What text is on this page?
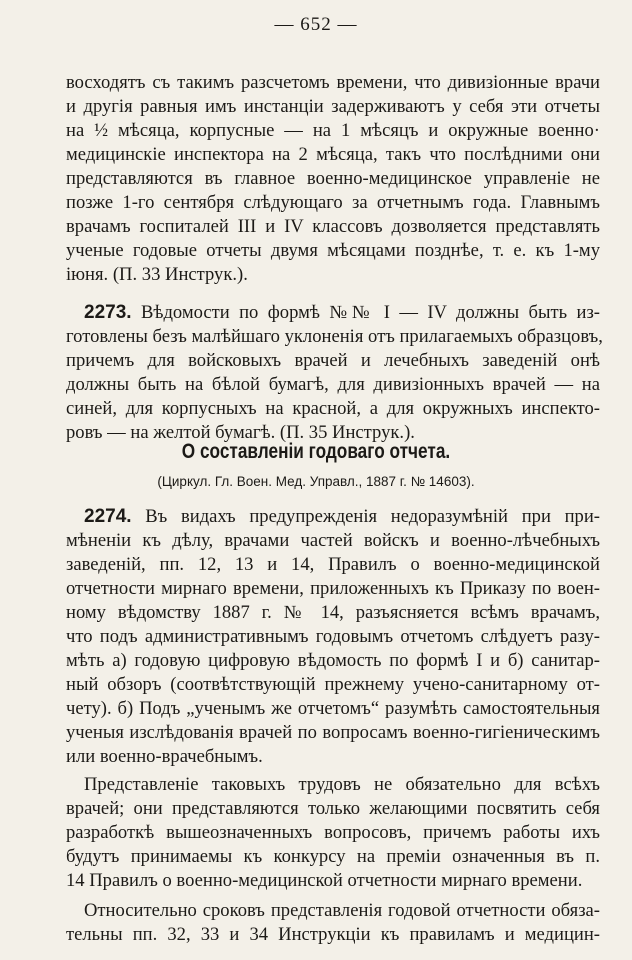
— 652 —
восходятъ съ такимъ разсчетомъ времени, что дивизіонные врачи
и другія равныя имъ инстанціи задерживаютъ у себя эти отчеты
на ½ мѣсяца, корпусные — на 1 мѣсяцъ и окружные военно·
медицинскіе инспектора на 2 мѣсяца, такъ что послѣдними они
представляются въ главное военно-медицинское управленіе не
позже 1-го сентября слѣдующаго за отчетнымъ года. Главнымъ
врачамъ госпиталей III и IV классовъ дозволяется представлять
ученые годовые отчеты двумя мѣсяцами позднѣе, т. е. къ 1-му
іюня. (П. 33 Инструк.).
2273. Вѣдомости по формѣ №№ I — IV должны быть из-
готовлены безъ малѣйшаго уклоненія отъ прилагаемыхъ образцовъ,
причемъ для войсковыхъ врачей и лечебныхъ заведеній онѣ
должны быть на бѣлой бумагѣ, для дивизіонныхъ врачей — на
синей, для корпусныхъ на красной, а для окружныхъ инспекто-
ровъ — на желтой бумагѣ. (П. 35 Инструк.).
О составленіи годоваго отчета.
(Циркул. Гл. Воен. Мед. Управл., 1887 г. № 14603).
2274. Въ видахъ предупрежденія недоразумѣній при при-
мѣненіи къ дѣлу, врачами частей войскъ и военно-лѣчебныхъ
заведеній, пп. 12, 13 и 14, Правилъ о военно-медицинской
отчетности мирнаго времени, приложенныхъ къ Приказу по воен-
ному вѣдомству 1887 г. № 14, разъясняется всѣмъ врачамъ,
что подъ административнымъ годовымъ отчетомъ слѣдуетъ разу-
мѣть а) годовую цифровую вѣдомость по формѣ I и б) санитар-
ный обзоръ (соотвѣтствующій прежнему учено-санитарному от-
чету). б) Подъ „ученымъ же отчетомъ“ разумѣть самостоятельныя
ученыя изслѣдованія врачей по вопросамъ военно-гигіеническимъ
или военно-врачебнымъ.
Представленіе таковыхъ трудовъ не обязательно для всѣхъ
врачей; они представляются только желающими посвятить себя
разработкѣ вышеозначенныхъ вопросовъ, причемъ работы ихъ
будутъ принимаемы къ конкурсу на преміи означенныя въ п.
14 Правилъ о военно-медицинской отчетности мирнаго времени.
Относительно сроковъ представленія годовой отчетности обяза-
тельны пп. 32, 33 и 34 Инструкціи къ правиламъ и медицин-
